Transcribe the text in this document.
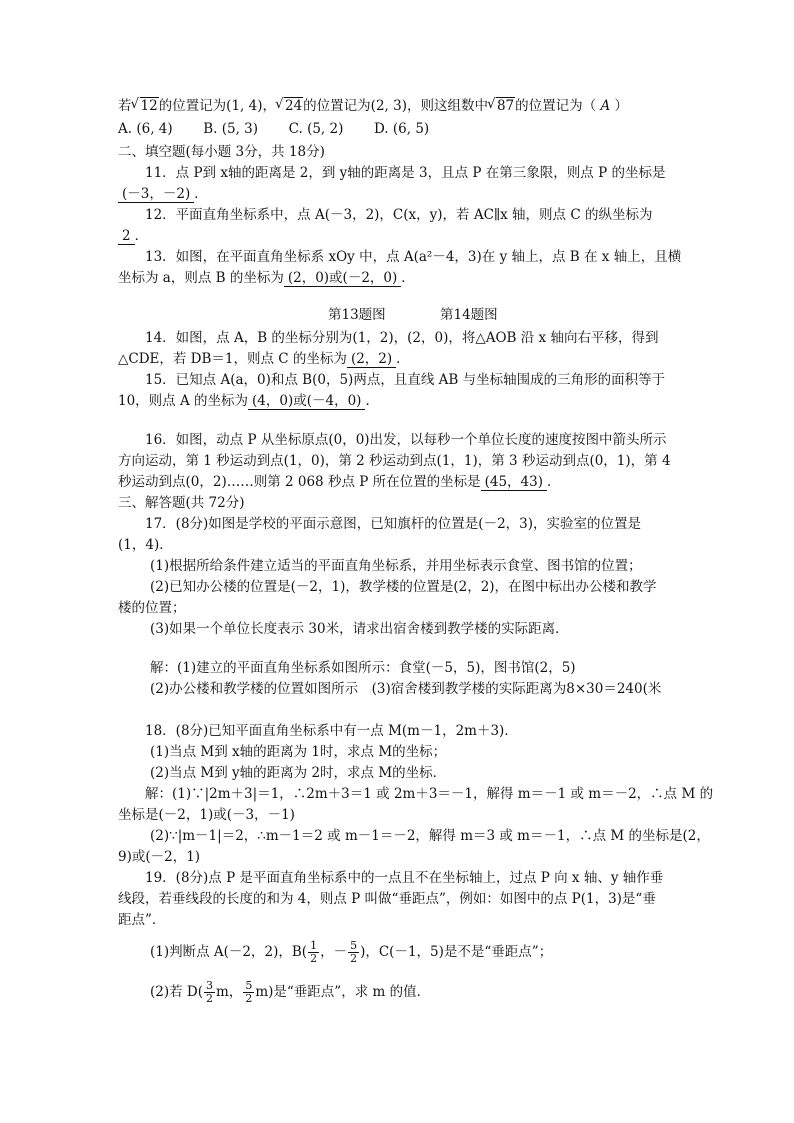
若 √ 12的位置记为(1, 4)， √ 24的位置记为(2, 3)，则这组数中 √ 87的位置记为（ A ）
A. (6, 4) B. (5, 3) C. (5, 2) D. (6, 5)
二、填空题(每小题 3分，共 18分)
11．点 P到 x轴的距离是 2，到 y轴的距离是 3，且点 P 在第三象限，则点 P 的坐标是
(－3，－2) ．
12．平面直角坐标系中，点 A(－3，2)，C(x，y)，若 AC∥x 轴，则点 C 的纵坐标为
2 ．
13．如图，在平面直角坐标系 xOy 中，点 A(a²－4，3)在 y 轴上，点 B 在 x 轴上，且横
坐标为 a，则点 B 的坐标为 (2，0)或(－2，0) ．
第13题图	第14题图
14．如图，点 A，B 的坐标分别为(1，2)，(2，0)，将△AOB 沿 x 轴向右平移，得到
△CDE，若 DB＝1，则点 C 的坐标为 (2，2) ．
15．已知点 A(a，0)和点 B(0，5)两点，且直线 AB 与坐标轴围成的三角形的面积等于
10，则点 A 的坐标为 (4，0)或(－4，0) ．
16．如图，动点 P 从坐标原点(0，0)出发，以每秒一个单位长度的速度按图中箭头所示
方向运动，第 1 秒运动到点(1，0)，第 2 秒运动到点(1，1)，第 3 秒运动到点(0，1)，第 4
秒运动到点(0，2)……则第 2 068 秒点 P 所在位置的坐标是 (45，43) ．
三、解答题(共 72分)
17．(8分)如图是学校的平面示意图，已知旗杆的位置是(－2，3)，实验室的位置是
(1，4)．
(1)根据所给条件建立适当的平面直角坐标系，并用坐标表示食堂、图书馆的位置；
(2)已知办公楼的位置是(－2，1)，教学楼的位置是(2，2)，在图中标出办公楼和教学
楼的位置；
(3)如果一个单位长度表示 30米，请求出宿舍楼到教学楼的实际距离．
解：(1)建立的平面直角坐标系如图所示：食堂(－5，5)，图书馆(2，5)
(2)办公楼和教学楼的位置如图所示　(3)宿舍楼到教学楼的实际距离为8×30＝240(米
18．(8分)已知平面直角坐标系中有一点 M(m－1，2m＋3)．
(1)当点 M到 x轴的距离为 1时，求点 M的坐标；
(2)当点 M到 y轴的距离为 2时，求点 M的坐标．
解：(1)∵|2m＋3|＝1，∴2m＋3＝1 或 2m＋3＝－1，解得 m＝－1 或 m＝－2，∴点 M 的
坐标是(－2，1)或(－3，－1)
(2)∵|m－1|＝2，∴m－1＝2 或 m－1＝－2，解得 m＝3 或 m＝－1，∴点 M 的坐标是(2，
9)或(－2，1)
19．(8分)点 P 是平面直角坐标系中的一点且不在坐标轴上，过点 P 向 x 轴、y 轴作垂
线段，若垂线段的长度的和为 4，则点 P 叫做“垂距点”，例如：如图中的点 P(1，3)是“垂
距点”．
(1)判断点 A(－2，2)，$B( \frac{1}{2}$ ，－ $\frac{5}{2}$ )，C(－1，5)是不是“垂距点”；
(2)若 $D( \frac{3}{2}$ m， $\frac{5}{2} m$)是“垂距点”，求 m 的值．
